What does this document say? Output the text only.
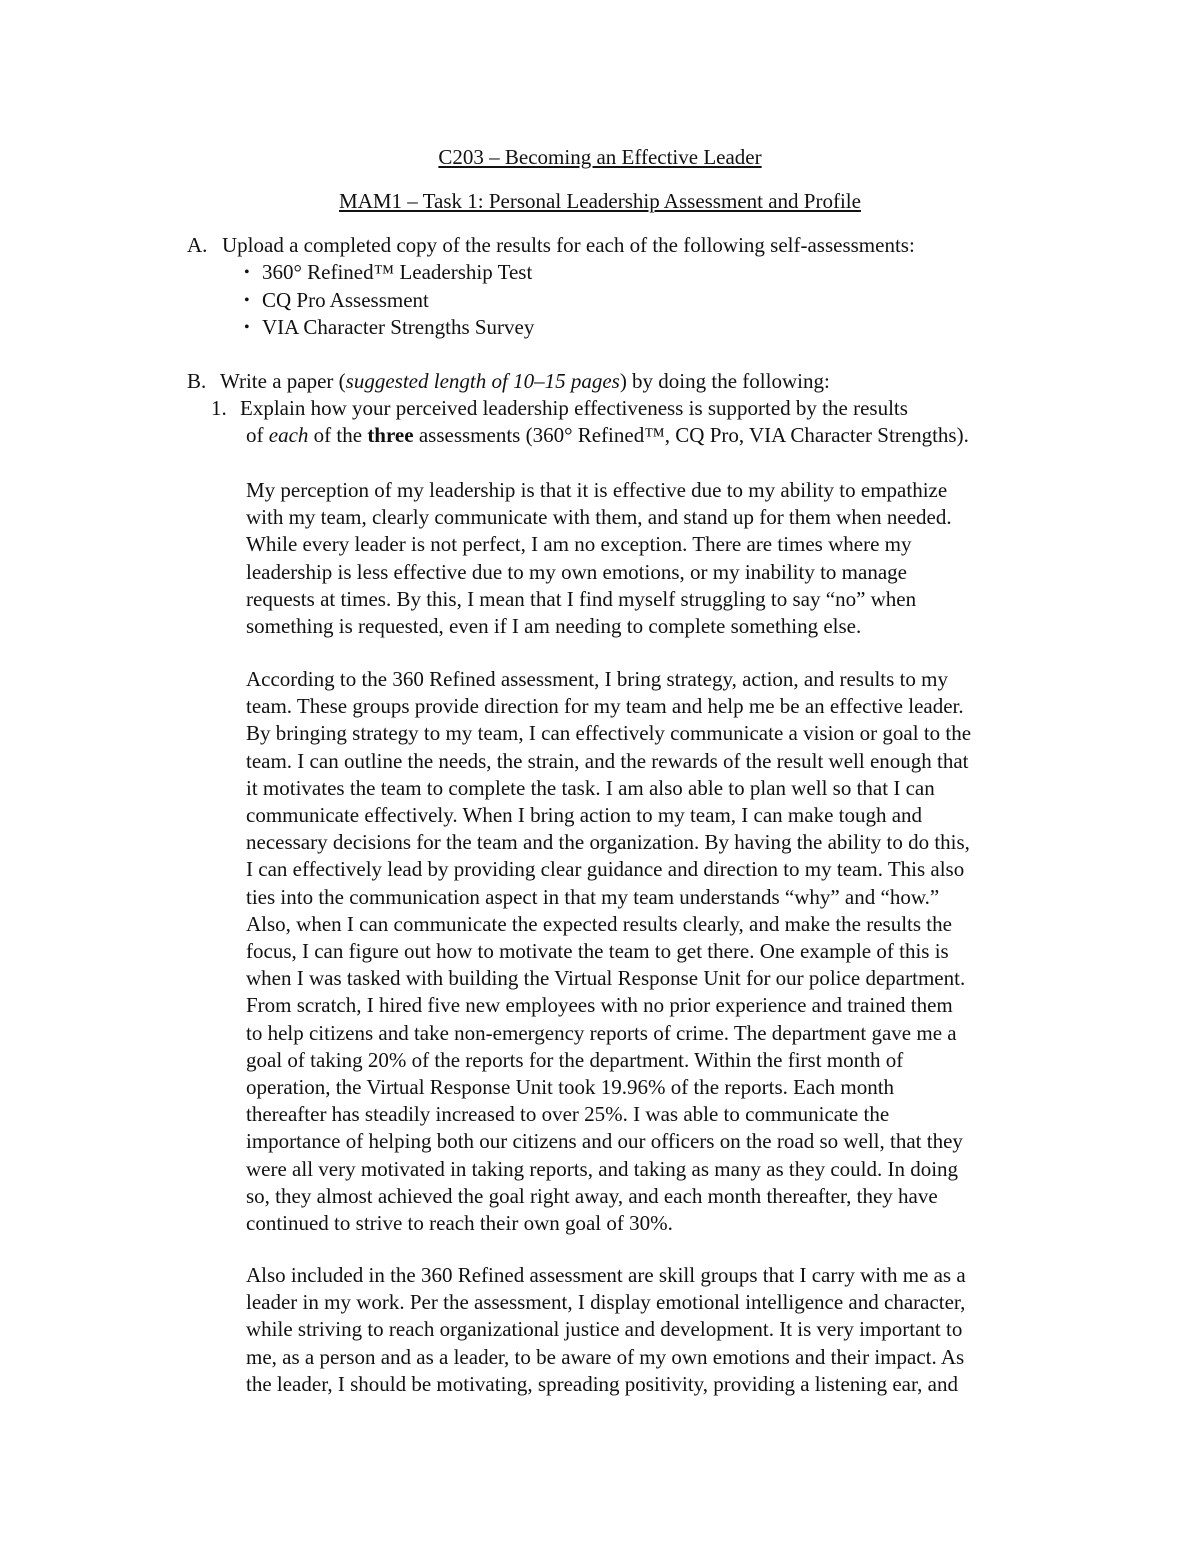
C203 – Becoming an Effective Leader
MAM1 – Task 1: Personal Leadership Assessment and Profile
A. Upload a completed copy of the results for each of the following self-assessments:
• 360° Refined™ Leadership Test
• CQ Pro Assessment
• VIA Character Strengths Survey
B. Write a paper (suggested length of 10–15 pages) by doing the following:
1. Explain how your perceived leadership effectiveness is supported by the results
of each of the three assessments (360° Refined™, CQ Pro, VIA Character Strengths).
My perception of my leadership is that it is effective due to my ability to empathize
with my team, clearly communicate with them, and stand up for them when needed.
While every leader is not perfect, I am no exception. There are times where my
leadership is less effective due to my own emotions, or my inability to manage
requests at times. By this, I mean that I find myself struggling to say “no” when
something is requested, even if I am needing to complete something else.
According to the 360 Refined assessment, I bring strategy, action, and results to my
team. These groups provide direction for my team and help me be an effective leader.
By bringing strategy to my team, I can effectively communicate a vision or goal to the
team. I can outline the needs, the strain, and the rewards of the result well enough that
it motivates the team to complete the task. I am also able to plan well so that I can
communicate effectively. When I bring action to my team, I can make tough and
necessary decisions for the team and the organization. By having the ability to do this,
I can effectively lead by providing clear guidance and direction to my team. This also
ties into the communication aspect in that my team understands “why” and “how.”
Also, when I can communicate the expected results clearly, and make the results the
focus, I can figure out how to motivate the team to get there. One example of this is
when I was tasked with building the Virtual Response Unit for our police department.
From scratch, I hired five new employees with no prior experience and trained them
to help citizens and take non-emergency reports of crime. The department gave me a
goal of taking 20% of the reports for the department. Within the first month of
operation, the Virtual Response Unit took 19.96% of the reports. Each month
thereafter has steadily increased to over 25%. I was able to communicate the
importance of helping both our citizens and our officers on the road so well, that they
were all very motivated in taking reports, and taking as many as they could. In doing
so, they almost achieved the goal right away, and each month thereafter, they have
continued to strive to reach their own goal of 30%.
Also included in the 360 Refined assessment are skill groups that I carry with me as a
leader in my work. Per the assessment, I display emotional intelligence and character,
while striving to reach organizational justice and development. It is very important to
me, as a person and as a leader, to be aware of my own emotions and their impact. As
the leader, I should be motivating, spreading positivity, providing a listening ear, and
